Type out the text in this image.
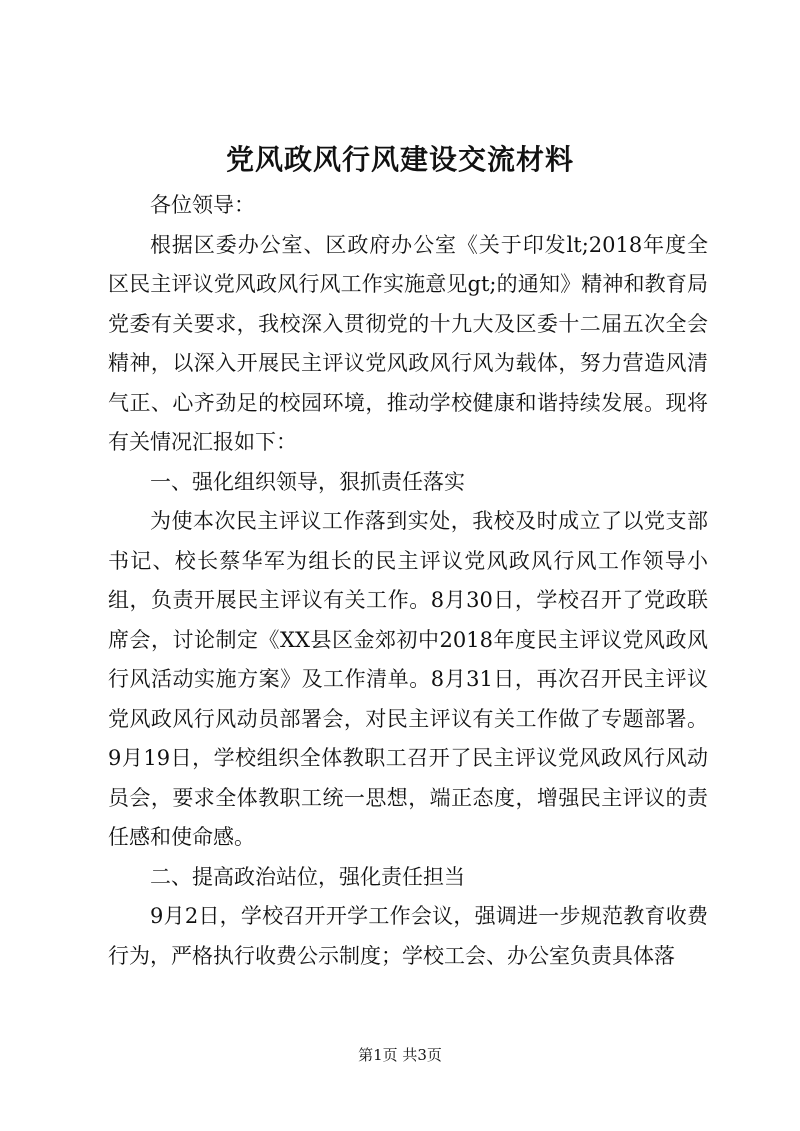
党风政风行风建设交流材料

各位领导：

根据区委办公室、区政府办公室《关于印发lt;2018年度全区民主评议党风政风行风工作实施意见gt;的通知》精神和教育局党委有关要求，我校深入贯彻党的十九大及区委十二届五次全会精神，以深入开展民主评议党风政风行风为载体，努力营造风清气正、心齐劲足的校园环境，推动学校健康和谐持续发展。现将有关情况汇报如下：

一、强化组织领导，狠抓责任落实

为使本次民主评议工作落到实处，我校及时成立了以党支部书记、校长蔡华军为组长的民主评议党风政风行风工作领导小组，负责开展民主评议有关工作。8月30日，学校召开了党政联席会，讨论制定《XX县区金郊初中2018年度民主评议党风政风行风活动实施方案》及工作清单。8月31日，再次召开民主评议党风政风行风动员部署会，对民主评议有关工作做了专题部署。9月19日，学校组织全体教职工召开了民主评议党风政风行风动员会，要求全体教职工统一思想，端正态度，增强民主评议的责任感和使命感。

二、提高政治站位，强化责任担当

9月2日，学校召开开学工作会议，强调进一步规范教育收费行为，严格执行收费公示制度；学校工会、办公室负责具体落

第1页 共3页
